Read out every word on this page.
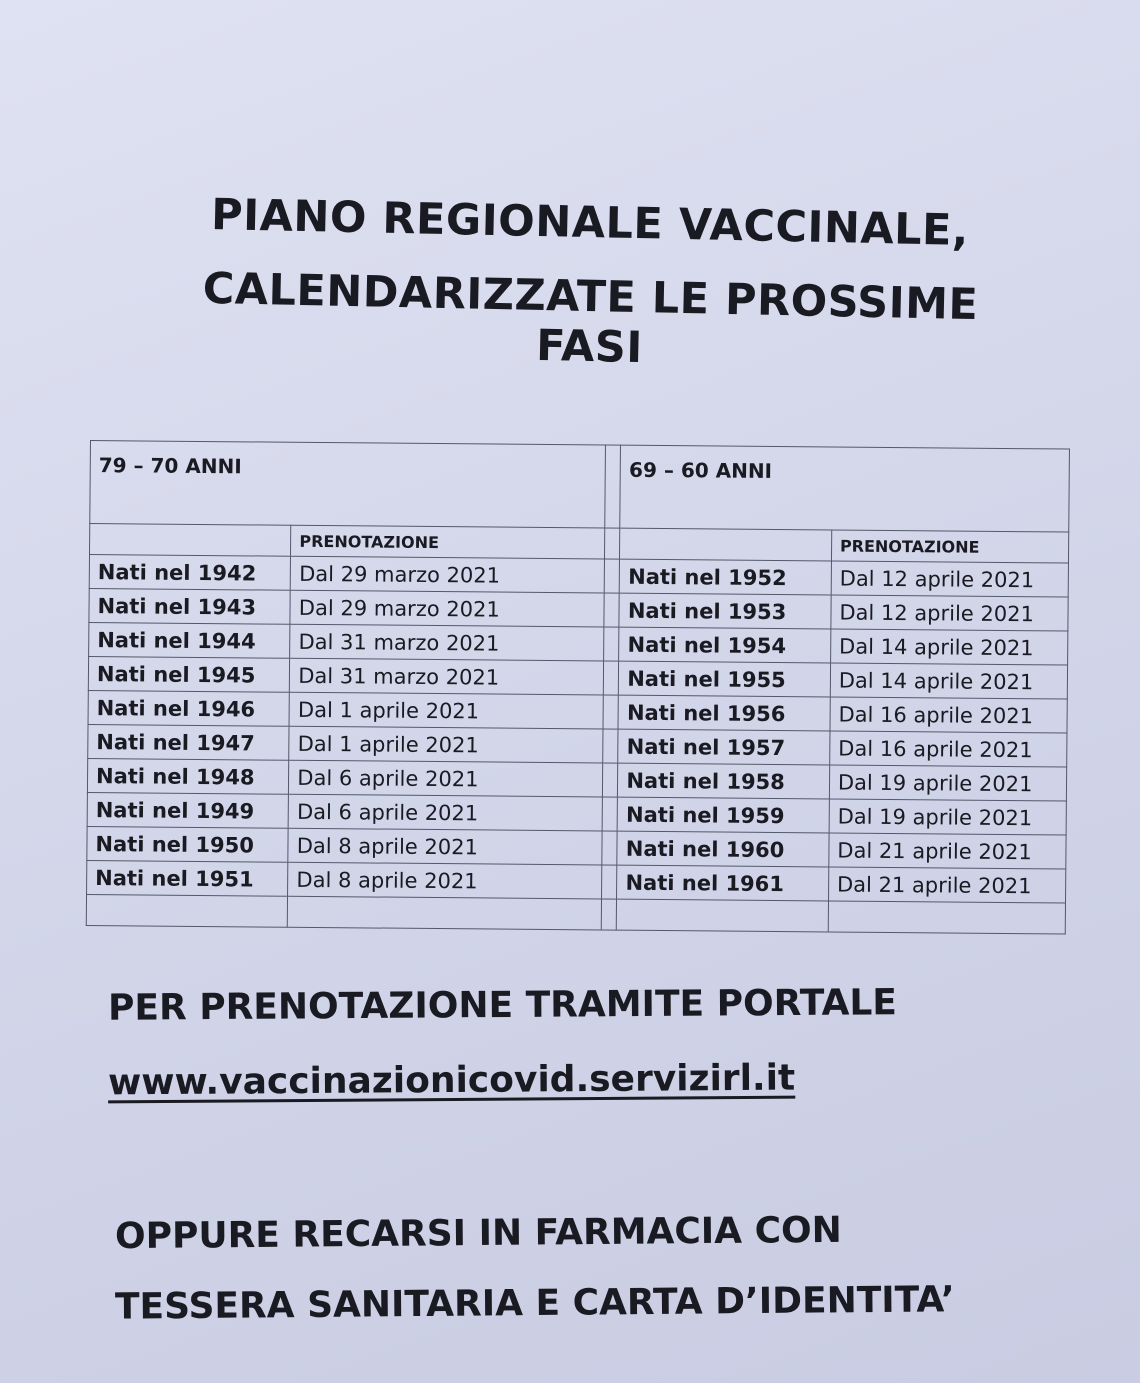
PIANO REGIONALE VACCINALE,
CALENDARIZZATE LE PROSSIME FASI
79 – 70 ANNI			69 – 60 ANNI	
	PRENOTAZIONE			PRENOTAZIONE
Nati nel 1942	Dal 29 marzo 2021		Nati nel 1952	Dal 12 aprile 2021
Nati nel 1943	Dal 29 marzo 2021		Nati nel 1953	Dal 12 aprile 2021
Nati nel 1944	Dal 31 marzo 2021		Nati nel 1954	Dal 14 aprile 2021
Nati nel 1945	Dal 31 marzo 2021		Nati nel 1955	Dal 14 aprile 2021
Nati nel 1946	Dal 1 aprile 2021		Nati nel 1956	Dal 16 aprile 2021
Nati nel 1947	Dal 1 aprile 2021		Nati nel 1957	Dal 16 aprile 2021
Nati nel 1948	Dal 6 aprile 2021		Nati nel 1958	Dal 19 aprile 2021
Nati nel 1949	Dal 6 aprile 2021		Nati nel 1959	Dal 19 aprile 2021
Nati nel 1950	Dal 8 aprile 2021		Nati nel 1960	Dal 21 aprile 2021
Nati nel 1951	Dal 8 aprile 2021		Nati nel 1961	Dal 21 aprile 2021

PER PRENOTAZIONE TRAMITE PORTALE
www.vaccinazionicovid.servizirl.it
OPPURE RECARSI IN FARMACIA CON
TESSERA SANITARIA E CARTA D’IDENTITA’
